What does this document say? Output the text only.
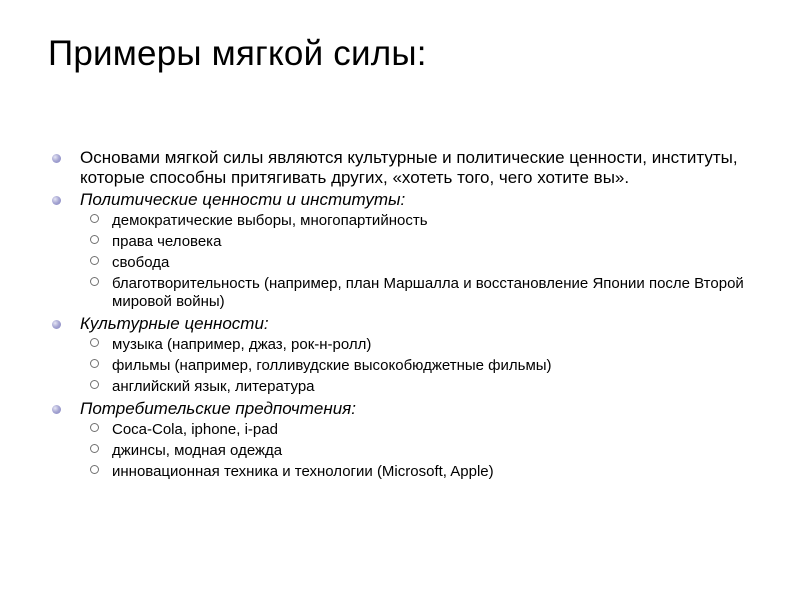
Примеры мягкой силы:
Основами мягкой силы являются культурные и политические ценности, институты, которые способны притягивать других, «хотеть того, чего хотите вы».
Политические ценности и институты:
демократические выборы, многопартийность
права человека
свобода
благотворительность (например, план Маршалла и восстановление Японии после Второй мировой войны)
Культурные ценности:
музыка (например, джаз, рок-н-ролл)
фильмы (например, голливудские высокобюджетные фильмы)
английский язык, литература
Потребительские предпочтения:
Coca-Cola, iphone, i-pad
джинсы, модная одежда
инновационная техника и технологии (Microsoft, Apple)
